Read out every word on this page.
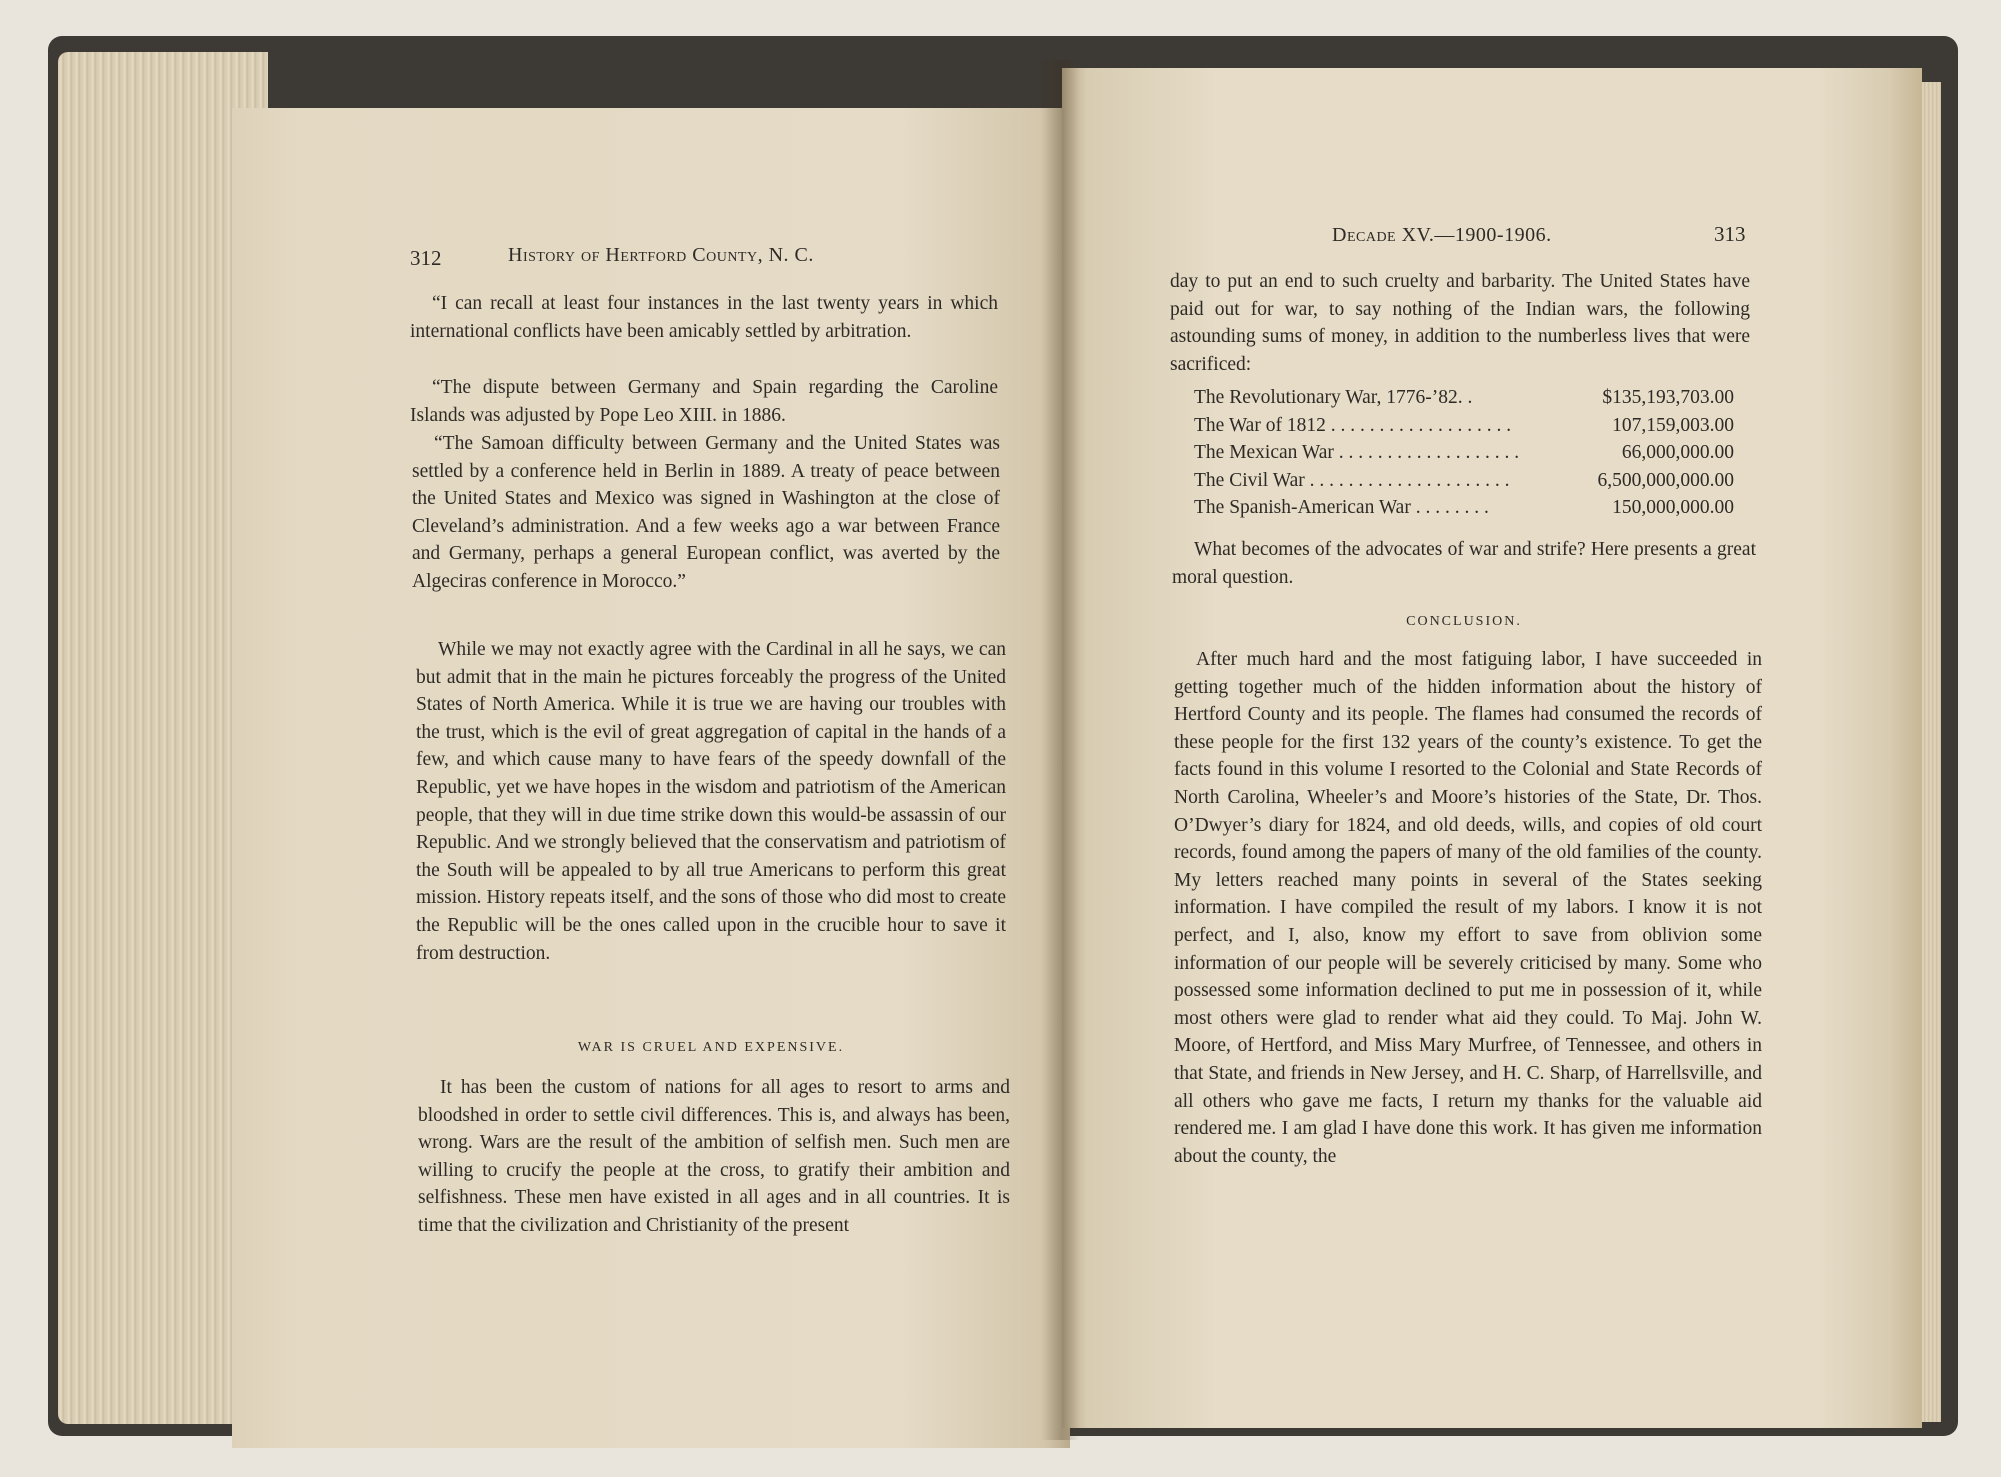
312	History of Hertford County, N. C.

“I can recall at least four instances in the last twenty years in which international conflicts have been amicably settled by arbitration.

“The dispute between Germany and Spain regarding the Caroline Islands was adjusted by Pope Leo XIII. in 1886.

“The Samoan difficulty between Germany and the United States was settled by a conference held in Berlin in 1889. A treaty of peace between the United States and Mexico was signed in Washington at the close of Cleveland’s administration. And a few weeks ago a war between France and Germany, perhaps a general European conflict, was averted by the Algeciras conference in Morocco.”

While we may not exactly agree with the Cardinal in all he says, we can but admit that in the main he pictures forceably the progress of the United States of North America. While it is true we are having our troubles with the trust, which is the evil of great aggregation of capital in the hands of a few, and which cause many to have fears of the speedy downfall of the Republic, yet we have hopes in the wisdom and patriotism of the American people, that they will in due time strike down this would-be assassin of our Republic. And we strongly believed that the conservatism and patriotism of the South will be appealed to by all true Americans to perform this great mission. History repeats itself, and the sons of those who did most to create the Republic will be the ones called upon in the crucible hour to save it from destruction.

WAR IS CRUEL AND EXPENSIVE.

It has been the custom of nations for all ages to resort to arms and bloodshed in order to settle civil differences. This is, and always has been, wrong. Wars are the result of the ambition of selfish men. Such men are willing to crucify the people at the cross, to gratify their ambition and selfishness. These men have existed in all ages and in all countries. It is time that the civilization and Christianity of the present

Decade XV.—1900-1906.	313

day to put an end to such cruelty and barbarity. The United States have paid out for war, to say nothing of the Indian wars, the following astounding sums of money, in addition to the numberless lives that were sacrificed:

The Revolutionary War, 1776-’82. .	$135,193,703.00
The War of 1812 . . . . . . . . . . . . . . . . . . .	107,159,003.00
The Mexican War . . . . . . . . . . . . . . . . . . .	66,000,000.00
The Civil War . . . . . . . . . . . . . . . . . . . . .	6,500,000,000.00
The Spanish-American War . . . . . . . .	150,000,000.00

What becomes of the advocates of war and strife? Here presents a great moral question.

CONCLUSION.

After much hard and the most fatiguing labor, I have succeeded in getting together much of the hidden information about the history of Hertford County and its people. The flames had consumed the records of these people for the first 132 years of the county’s existence. To get the facts found in this volume I resorted to the Colonial and State Records of North Carolina, Wheeler’s and Moore’s histories of the State, Dr. Thos. O’Dwyer’s diary for 1824, and old deeds, wills, and copies of old court records, found among the papers of many of the old families of the county. My letters reached many points in several of the States seeking information. I have compiled the result of my labors. I know it is not perfect, and I, also, know my effort to save from oblivion some information of our people will be severely criticised by many. Some who possessed some information declined to put me in possession of it, while most others were glad to render what aid they could. To Maj. John W. Moore, of Hertford, and Miss Mary Murfree, of Tennessee, and others in that State, and friends in New Jersey, and H. C. Sharp, of Harrellsville, and all others who gave me facts, I return my thanks for the valuable aid rendered me. I am glad I have done this work. It has given me information about the county, the
